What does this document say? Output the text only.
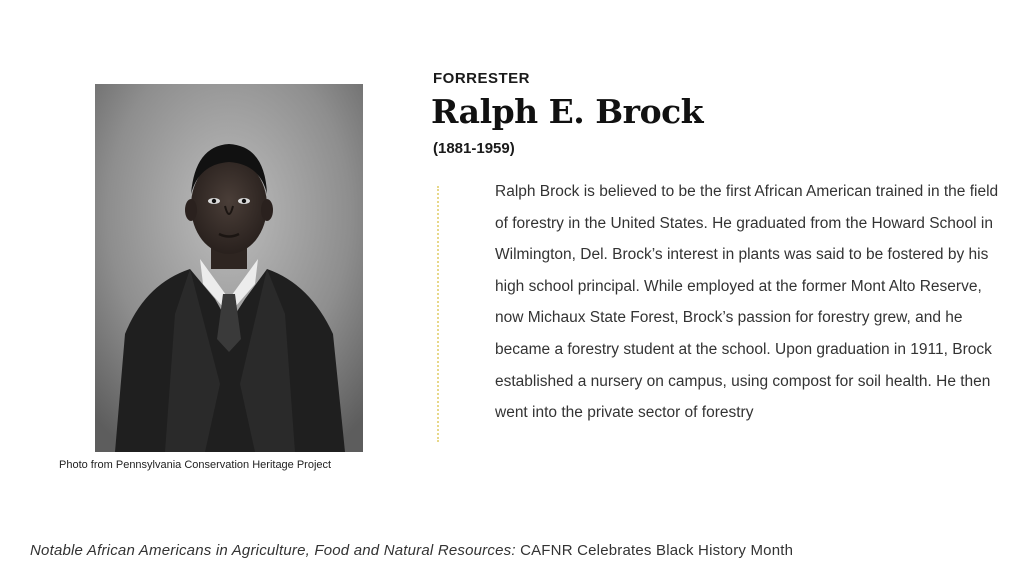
Photo from Pennsylvania Conservation Heritage Project
FORRESTER
Ralph E. Brock
(1881-1959)

Ralph Brock is believed to be the first African American trained in the field of forestry in the United States. He graduated from the Howard School in Wilmington, Del. Brock’s interest in plants was said to be fostered by his high school principal. While employed at the former Mont Alto Reserve, now Michaux State Forest, Brock’s passion for forestry grew, and he became a forestry student at the school. Upon graduation in 1911, Brock established a nursery on campus, using compost for soil health. He then went into the private sector of forestry

Notable African Americans in Agriculture, Food and Natural Resources: CAFNR Celebrates Black History Month
